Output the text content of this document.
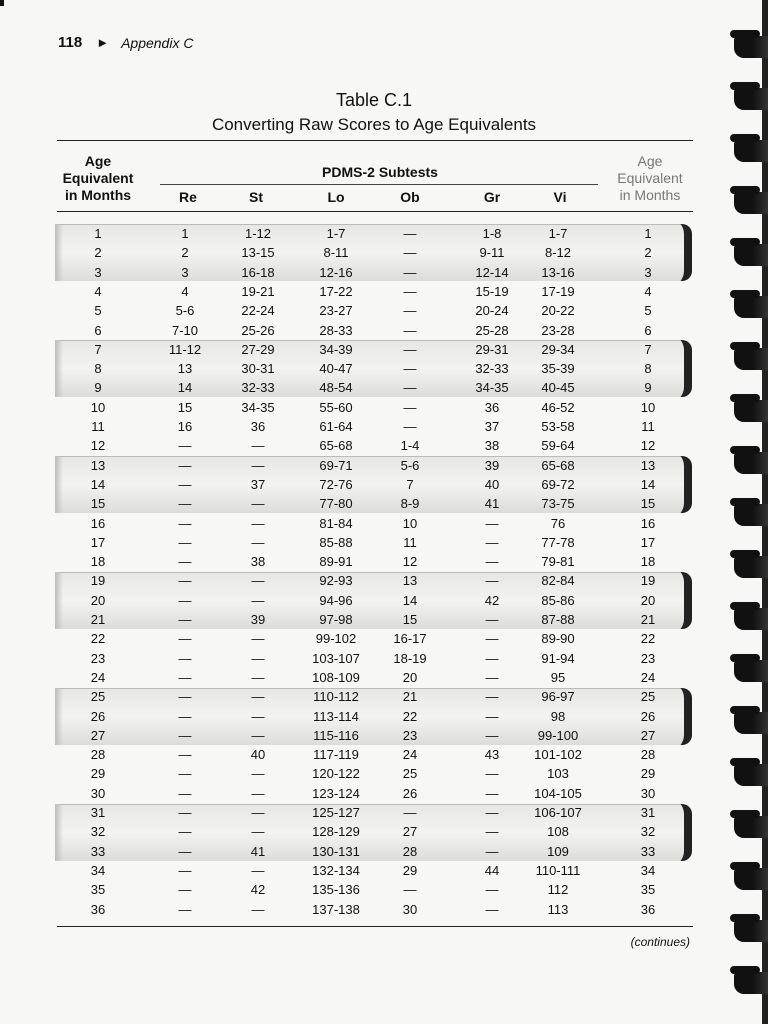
118 ► Appendix C
Table C.1
Converting Raw Scores to Age Equivalents
Age
Equivalent
in Months
PDMS-2 Subtests
Re	St	Lo	Ob	Gr	Vi
Age
Equivalent
in Months
1	1	1-12	1-7	—	1-8	1-7	1
2	2	13-15	8-11	—	9-11	8-12	2
3	3	16-18	12-16	—	12-14	13-16	3
4	4	19-21	17-22	—	15-19	17-19	4
5	5-6	22-24	23-27	—	20-24	20-22	5
6	7-10	25-26	28-33	—	25-28	23-28	6
7	11-12	27-29	34-39	—	29-31	29-34	7
8	13	30-31	40-47	—	32-33	35-39	8
9	14	32-33	48-54	—	34-35	40-45	9
10	15	34-35	55-60	—	36	46-52	10
11	16	36	61-64	—	37	53-58	11
12	—	—	65-68	1-4	38	59-64	12
13	—	—	69-71	5-6	39	65-68	13
14	—	37	72-76	7	40	69-72	14
15	—	—	77-80	8-9	41	73-75	15
16	—	—	81-84	10	—	76	16
17	—	—	85-88	11	—	77-78	17
18	—	38	89-91	12	—	79-81	18
19	—	—	92-93	13	—	82-84	19
20	—	—	94-96	14	42	85-86	20
21	—	39	97-98	15	—	87-88	21
22	—	—	99-102	16-17	—	89-90	22
23	—	—	103-107	18-19	—	91-94	23
24	—	—	108-109	20	—	95	24
25	—	—	110-112	21	—	96-97	25
26	—	—	113-114	22	—	98	26
27	—	—	115-116	23	—	99-100	27
28	—	40	117-119	24	43	101-102	28
29	—	—	120-122	25	—	103	29
30	—	—	123-124	26	—	104-105	30
31	—	—	125-127	—	—	106-107	31
32	—	—	128-129	27	—	108	32
33	—	41	130-131	28	—	109	33
34	—	—	132-134	29	44	110-111	34
35	—	42	135-136	—	—	112	35
36	—	—	137-138	30	—	113	36
(continues)
